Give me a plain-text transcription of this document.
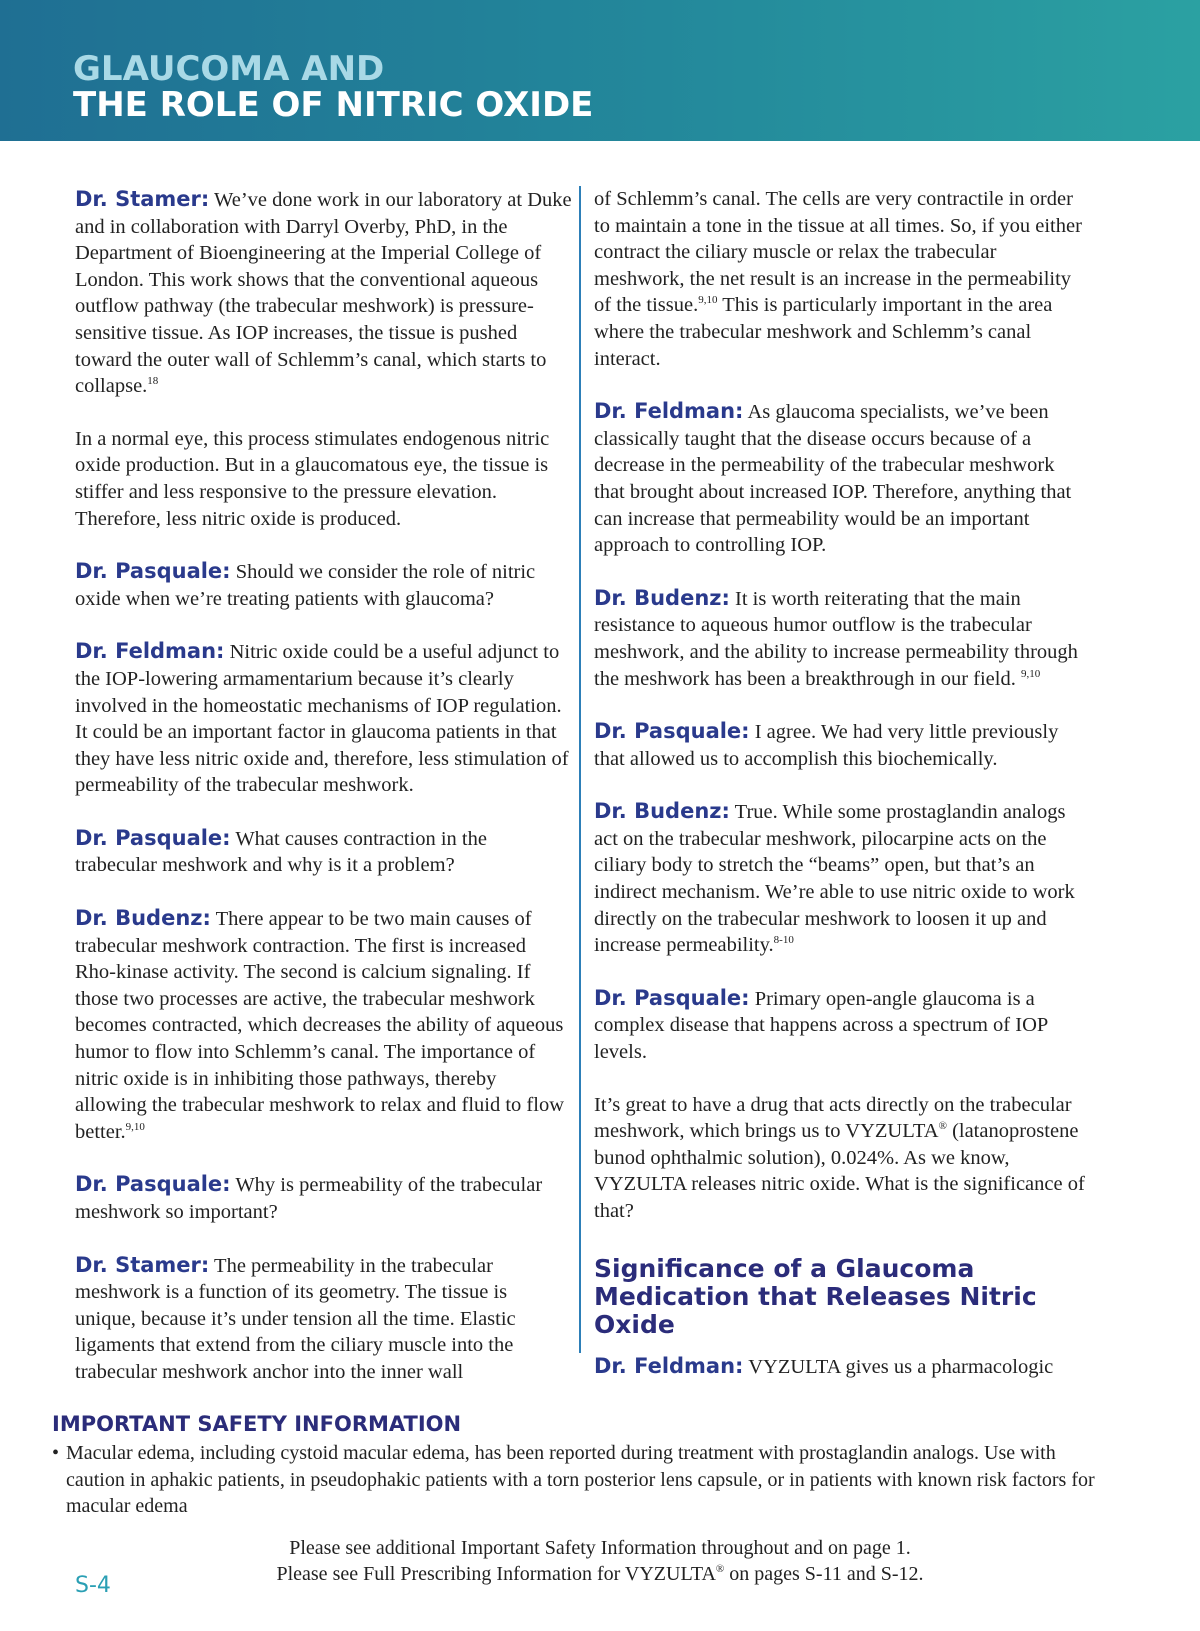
GLAUCOMA AND
THE ROLE OF NITRIC OXIDE

Dr. Stamer: We’ve done work in our laboratory at Duke and in collaboration with Darryl Overby, PhD, in the Department of Bioengineering at the Imperial College of London. This work shows that the conventional aqueous outflow pathway (the trabecular meshwork) is pressure-sensitive tissue. As IOP increases, the tissue is pushed toward the outer wall of Schlemm’s canal, which starts to collapse.$^{18}$

In a normal eye, this process stimulates endogenous nitric oxide production. But in a glaucomatous eye, the tissue is stiffer and less responsive to the pressure elevation. Therefore, less nitric oxide is produced.

Dr. Pasquale: Should we consider the role of nitric oxide when we’re treating patients with glaucoma?

Dr. Feldman: Nitric oxide could be a useful adjunct to the IOP-lowering armamentarium because it’s clearly involved in the homeostatic mechanisms of IOP regulation. It could be an important factor in glaucoma patients in that they have less nitric oxide and, therefore, less stimulation of permeability of the trabecular meshwork.

Dr. Pasquale: What causes contraction in the trabecular meshwork and why is it a problem?

Dr. Budenz: There appear to be two main causes of trabecular meshwork contraction. The first is increased Rho-kinase activity. The second is calcium signaling. If those two processes are active, the trabecular meshwork becomes contracted, which decreases the ability of aqueous humor to flow into Schlemm’s canal. The importance of nitric oxide is in inhibiting those pathways, thereby allowing the trabecular meshwork to relax and fluid to flow better.$^{9,10}$

Dr. Pasquale: Why is permeability of the trabecular meshwork so important?

Dr. Stamer: The permeability in the trabecular meshwork is a function of its geometry. The tissue is unique, because it’s under tension all the time. Elastic ligaments that extend from the ciliary muscle into the trabecular meshwork anchor into the inner wall

of Schlemm’s canal. The cells are very contractile in order to maintain a tone in the tissue at all times. So, if you either contract the ciliary muscle or relax the trabecular meshwork, the net result is an increase in the permeability of the tissue.$^{9,10}$ This is particularly important in the area where the trabecular meshwork and Schlemm’s canal interact.

Dr. Feldman: As glaucoma specialists, we’ve been classically taught that the disease occurs because of a decrease in the permeability of the trabecular meshwork that brought about increased IOP. Therefore, anything that can increase that permeability would be an important approach to controlling IOP.

Dr. Budenz: It is worth reiterating that the main resistance to aqueous humor outflow is the trabecular meshwork, and the ability to increase permeability through the meshwork has been a breakthrough in our field. $^{9,10}$

Dr. Pasquale: I agree. We had very little previously that allowed us to accomplish this biochemically.

Dr. Budenz: True. While some prostaglandin analogs act on the trabecular meshwork, pilocarpine acts on the ciliary body to stretch the “beams” open, but that’s an indirect mechanism. We’re able to use nitric oxide to work directly on the trabecular meshwork to loosen it up and increase permeability.$^{8-10}$

Dr. Pasquale: Primary open-angle glaucoma is a complex disease that happens across a spectrum of IOP levels.

It’s great to have a drug that acts directly on the trabecular meshwork, which brings us to VYZULTA® (latanoprostene bunod ophthalmic solution), 0.024%. As we know, VYZULTA releases nitric oxide. What is the significance of that?

Significance of a Glaucoma
Medication that Releases Nitric Oxide

Dr. Feldman: VYZULTA gives us a pharmacologic

IMPORTANT SAFETY INFORMATION
• Macular edema, including cystoid macular edema, has been reported during treatment with prostaglandin analogs. Use with caution in aphakic patients, in pseudophakic patients with a torn posterior lens capsule, or in patients with known risk factors for macular edema
Please see additional Important Safety Information throughout and on page 1.
Please see Full Prescribing Information for VYZULTA® on pages S-11 and S-12.
S-4
